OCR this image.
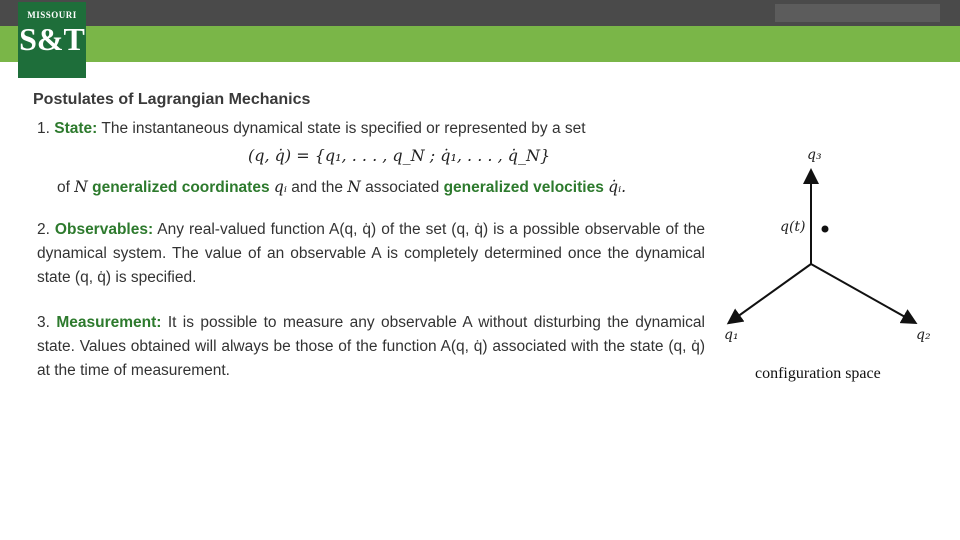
MISSOURI
S&T
Postulates of Lagrangian Mechanics
1. State: The instantaneous dynamical state is specified or represented by a set
(q, q̇) = {q₁, . . . , q_N ; q̇₁, . . . , q̇_N}
of N generalized coordinates qᵢ and the N associated generalized velocities q̇ᵢ.
2. Observables: Any real-valued function A(q, q̇) of the set (q, q̇) is a possible observable of the dynamical system. The value of an observable A is completely determined once the dynamical state (q, q̇) is specified.
3. Measurement: It is possible to measure any observable A without disturbing the dynamical state. Values obtained will always be those of the function A(q, q̇) associated with the state (q, q̇) at the time of measurement.
q₃
q(t)
q₁	q₂
configuration space
